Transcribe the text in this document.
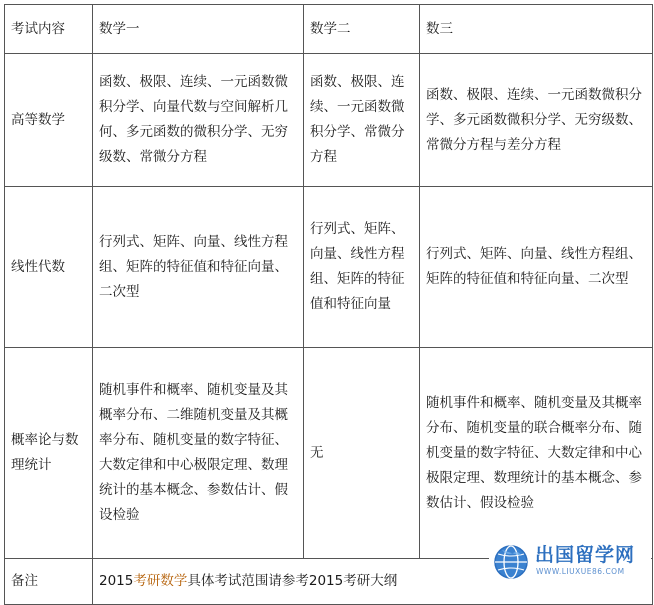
考试内容	数学一	数学二	数三
高等数学	函数、极限、连续、一元函数微积分学、向量代数与空间解析几何、多元函数的微积分学、无穷级数、常微分方程	函数、极限、连续、一元函数微积分学、常微分方程	函数、极限、连续、一元函数微积分学、多元函数微积分学、无穷级数、常微分方程与差分方程
线性代数	行列式、矩阵、向量、线性方程组、矩阵的特征值和特征向量、二次型	行列式、矩阵、向量、线性方程组、矩阵的特征值和特征向量	行列式、矩阵、向量、线性方程组、矩阵的特征值和特征向量、二次型
概率论与数理统计	随机事件和概率、随机变量及其概率分布、二维随机变量及其概率分布、随机变量的数字特征、大数定律和中心极限定理、数理统计的基本概念、参数估计、假设检验	无	随机事件和概率、随机变量及其概率分布、随机变量的联合概率分布、随机变量的数字特征、大数定律和中心极限定理、数理统计的基本概念、参数估计、假设检验
备注	2015考研数学具体考试范围请参考2015考研大纲		
出国留学网
WWW.LIUXUE86.COM
